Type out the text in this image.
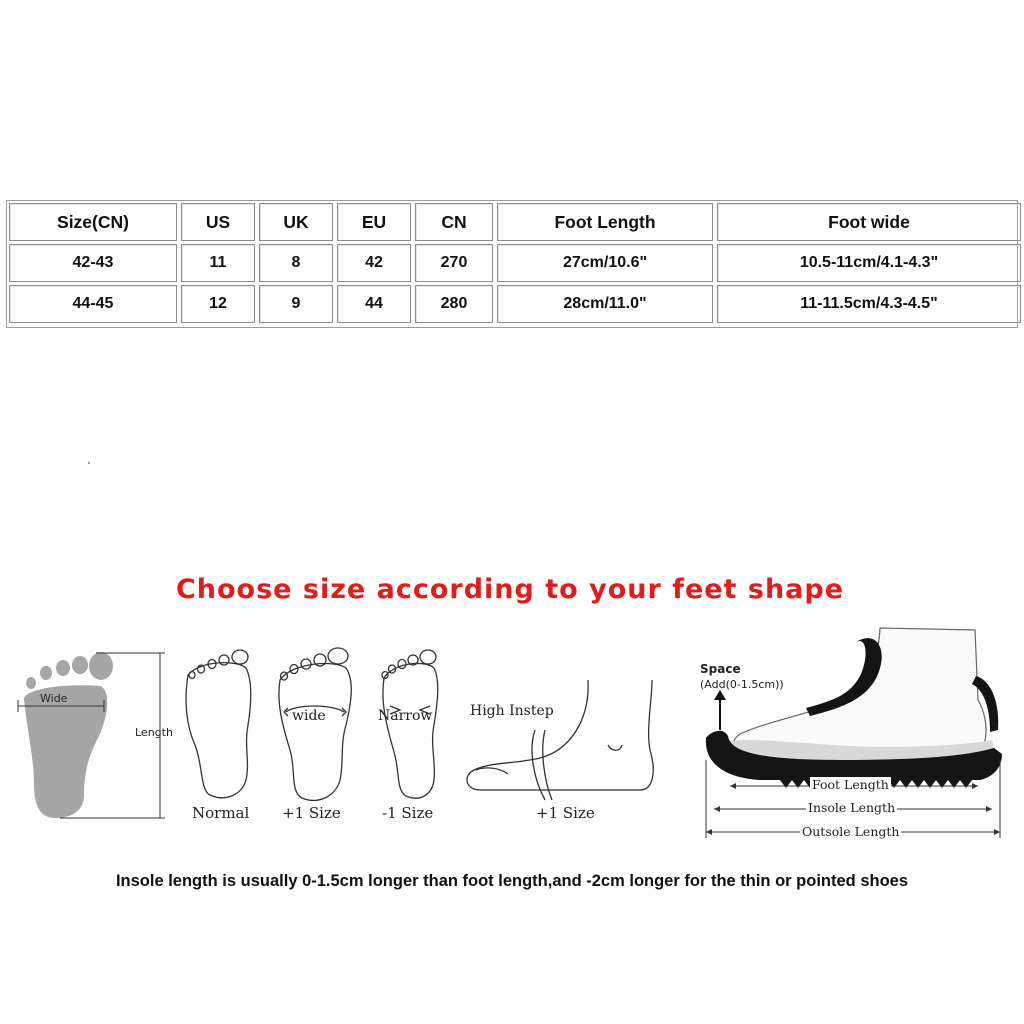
Size(CN)	US	UK	EU	CN	Foot Length	Foot wide
42-43	11	8	42	270	27cm/10.6"	10.5-11cm/4.1-4.3"
44-45	12	9	44	280	28cm/11.0"	11-11.5cm/4.3-4.5"
Choose size according to your feet shape
Wide
Length
wide	Narrow	High Instep
Normal +1 Size	-1 Size	+1 Size
Space
(Add(0-1.5cm))
Foot Length
Insole Length
Outsole Length
Insole length is usually 0-1.5cm longer than foot length,and -2cm longer for the thin or pointed shoes
